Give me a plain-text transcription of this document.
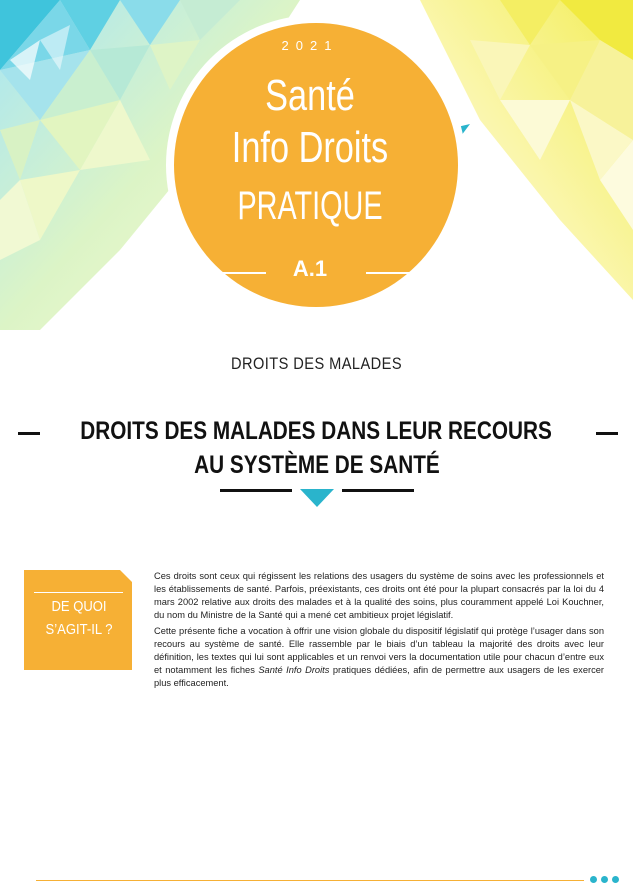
2021
Santé
Info Droits
PRATIQUE
A.1
DROITS DES MALADES
DROITS DES MALADES DANS LEUR RECOURS
AU SYSTÈME DE SANTÉ
DE QUOI
S’AGIT-IL ?

Ces droits sont ceux qui régissent les relations des usagers du système de soins avec les professionnels et les établissements de santé. Parfois, préexistants, ces droits ont été pour la plupart consacrés par la loi du 4 mars 2002 relative aux droits des malades et à la qualité des soins, plus couramment appelé Loi Kouchner, du nom du Ministre de la Santé qui a mené cet ambitieux projet législatif.

Cette présente fiche a vocation à offrir une vision globale du dispositif législatif qui protège l’usager dans son recours au système de santé. Elle rassemble par le biais d’un tableau la majorité des droits avec leur définition, les textes qui lui sont applicables et un renvoi vers la documentation utile pour chacun d’entre eux et notamment les fiches Santé Info Droits pratiques dédiées, afin de permettre aux usagers de les exercer plus efficacement.
